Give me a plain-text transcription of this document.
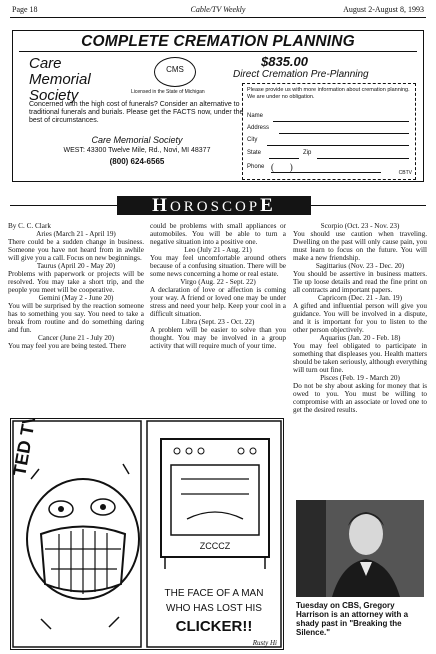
Page 18	Cable/TV Weekly	August 2-August 8, 1993
COMPLETE CREMATION PLANNING
Care
Memorial
Society
CMS
Licensed in the State of Michigan
$835.00
Direct Cremation Pre-Planning
Concerned with the high cost of funerals? Consider an alternative to traditional funerals and burials. Please get the FACTS now, under the best of circumstances.
Care Memorial Society
WEST: 43300 Twelve Mile, Rd., Novi, MI 48377
(800) 624-6565
Please provide us with more information about cremation planning. We are under no obligation.
Name
Address
City
State	Zip
Phone (       )
CBTV
HOROSCOPE

By C. C. Clark

Aries (March 21 - April 19)

There could be a sudden change in business. Someone you have not heard from in awhile will give you a call. Focus on new beginnings.

Taurus (April 20 - May 20)

Problems with paperwork or projects will be resolved. You may take a short trip, and the people you meet will be cooperative.

Gemini (May 2 - June 20)

You will be surprised by the reaction someone has to something you say. You need to take a break from routine and do something daring and fun.

Cancer (June 21 - July 20)

You may feel you are being tested. There

could be problems with small appliances or automobiles. You will be able to turn a negative situation into a positive one.

Leo (July 21 - Aug. 21)

You may feel uncomfortable around others because of a confusing situation. There will be some news concerning a home or real estate.

Virgo (Aug. 22 - Sept. 22)

A declaration of love or affection is coming your way. A friend or loved one may be under stress and need your help. Keep your cool in a difficult situation.

Libra (Sept. 23 - Oct. 22)

A problem will be easier to solve than you thought. You may be involved in a group activity that will require much of your time.

Scorpio (Oct. 23 - Nov. 23)

You should use caution when traveling. Dwelling on the past will only cause pain, you must learn to focus on the future. You will make a new friendship.

Sagittarius (Nov. 23 - Dec. 20)

You should be assertive in business matters. Tie up loose details and read the fine print on all contracts and important papers.

Capricorn (Dec. 21 - Jan. 19)

A gifted and influential person will give you guidance. You will be involved in a dispute, and it is important for you to listen to the other person objectively.

Aquarius (Jan. 20 - Feb. 18)

You may feel obligated to participate in something that displeases you. Health matters should be taken seriously, although everything will turn out fine.

Pisces (Feb. 19 - March 20)

Do not be shy about asking for money that is owed to you. You must be willing to compromise with an associate or loved one to get the desired results.

TED TV
ZCCCZ
THE FACE OF A MAN
WHO HAS LOST HIS
CLICKER!!
Rusty Hi
Tuesday on CBS, Gregory Harrison is an attorney with a shady past in "Breaking the Silence."
